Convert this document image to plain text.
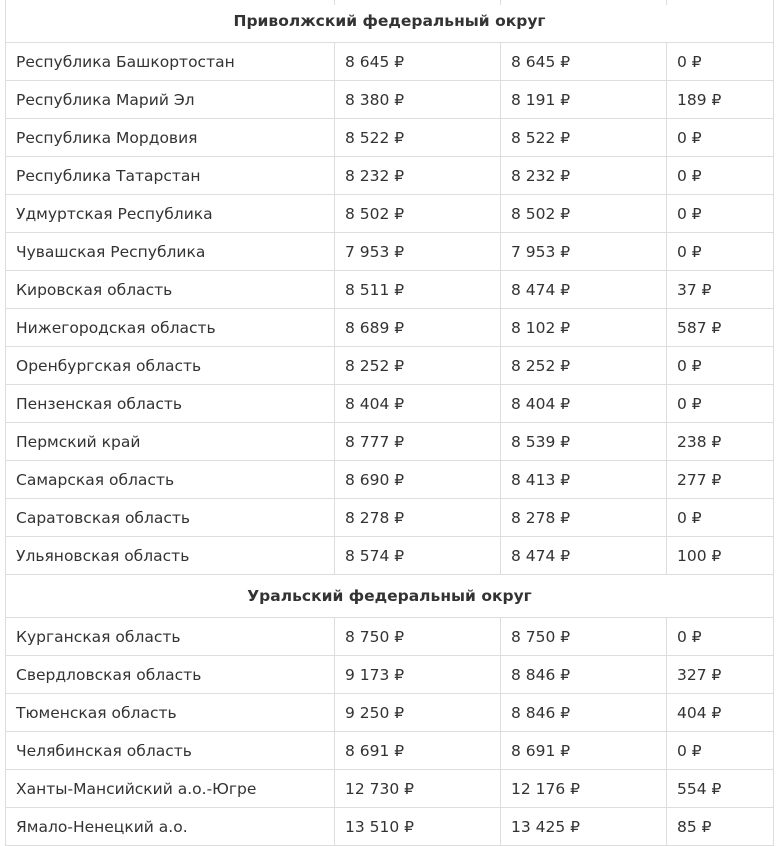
Приволжский федеральный округ			
Республика Башкортостан	8 645 ₽	8 645 ₽	0 ₽
Республика Марий Эл	8 380 ₽	8 191 ₽	189 ₽
Республика Мордовия	8 522 ₽	8 522 ₽	0 ₽
Республика Татарстан	8 232 ₽	8 232 ₽	0 ₽
Удмуртская Республика	8 502 ₽	8 502 ₽	0 ₽
Чувашская Республика	7 953 ₽	7 953 ₽	0 ₽
Кировская область	8 511 ₽	8 474 ₽	37 ₽
Нижегородская область	8 689 ₽	8 102 ₽	587 ₽
Оренбургская область	8 252 ₽	8 252 ₽	0 ₽
Пензенская область	8 404 ₽	8 404 ₽	0 ₽
Пермский край	8 777 ₽	8 539 ₽	238 ₽
Самарская область	8 690 ₽	8 413 ₽	277 ₽
Саратовская область	8 278 ₽	8 278 ₽	0 ₽
Ульяновская область	8 574 ₽	8 474 ₽	100 ₽
Уральский федеральный округ			
Курганская область	8 750 ₽	8 750 ₽	0 ₽
Свердловская область	9 173 ₽	8 846 ₽	327 ₽
Тюменская область	9 250 ₽	8 846 ₽	404 ₽
Челябинская область	8 691 ₽	8 691 ₽	0 ₽
Ханты-Мансийский а.о.-Югре	12 730 ₽	12 176 ₽	554 ₽
Ямало-Ненецкий а.о.	13 510 ₽	13 425 ₽	85 ₽
